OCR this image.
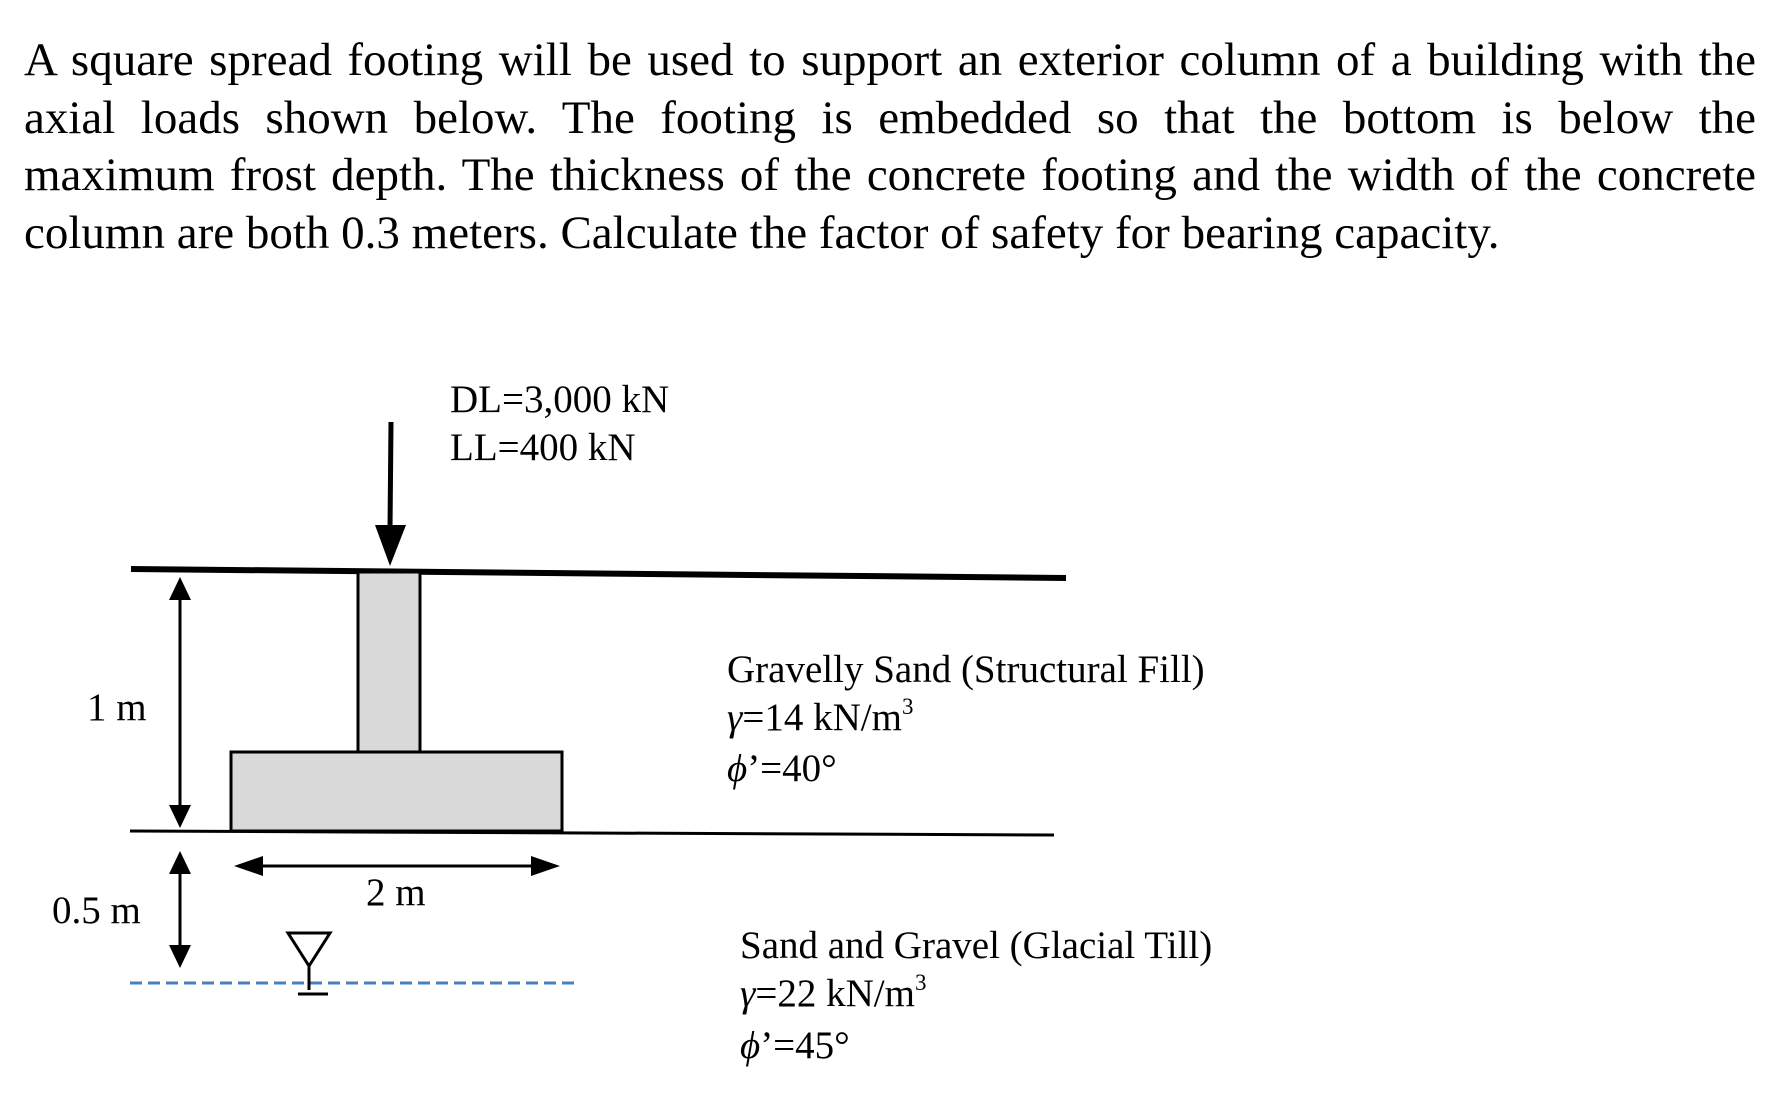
A square spread footing will be used to support an exterior column of a building with the axial loads shown below. The footing is embedded so that the bottom is below the maximum frost depth. The thickness of the concrete footing and the width of the concrete column are both 0.3 meters. Calculate the factor of safety for bearing capacity.

DL=3,000 kN
LL=400 kN
1 m
0.5 m	2 m
Gravelly Sand (Structural Fill)
γ=14 $kN/m^3$
ϕ’=40°
Sand and Gravel (Glacial Till)
γ=22 $kN/m^3$
ϕ’=45°
